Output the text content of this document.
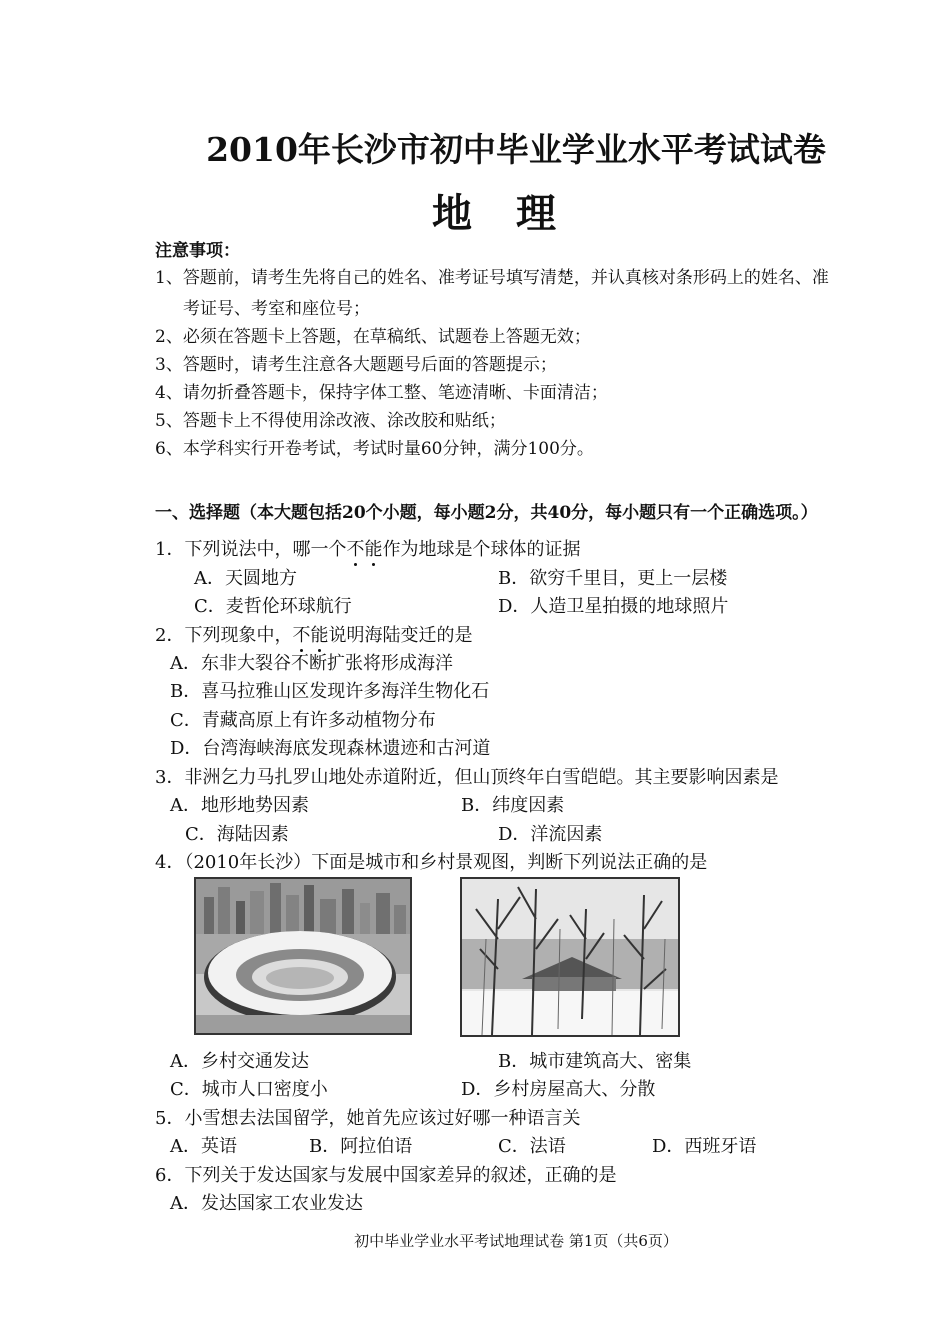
2010年长沙市初中毕业学业水平考试试卷
地理
注意事项：
1、答题前，请考生先将自己的姓名、准考证号填写清楚，并认真核对条形码上的姓名、准
考证号、考室和座位号；
2、必须在答题卡上答题，在草稿纸、试题卷上答题无效；
3、答题时，请考生注意各大题题号后面的答题提示；
4、请勿折叠答题卡，保持字体工整、笔迹清晰、卡面清洁；
5、答题卡上不得使用涂改液、涂改胶和贴纸；
6、本学科实行开卷考试，考试时量60分钟，满分100分。
一、选择题（本大题包括20个小题，每小题2分，共40分，每小题只有一个正确选项。）
1．下列说法中，哪一个不能作为地球是个球体的证据
A．天圆地方	B．欲穷千里目，更上一层楼
C．麦哲伦环球航行	D．人造卫星拍摄的地球照片
2．下列现象中，不能说明海陆变迁的是
A．东非大裂谷不断扩张将形成海洋
B．喜马拉雅山区发现许多海洋生物化石
C．青藏高原上有许多动植物分布
D．台湾海峡海底发现森林遗迹和古河道
3．非洲乞力马扎罗山地处赤道附近，但山顶终年白雪皑皑。其主要影响因素是
A．地形地势因素	B．纬度因素
C．海陆因素	D．洋流因素
4．（2010年长沙）下面是城市和乡村景观图，判断下列说法正确的是
A．乡村交通发达	B．城市建筑高大、密集
C．城市人口密度小	D．乡村房屋高大、分散
5．小雪想去法国留学，她首先应该过好哪一种语言关
A．英语	B．阿拉伯语	C．法语	D．西班牙语
6．下列关于发达国家与发展中国家差异的叙述，正确的是
A．发达国家工农业发达
初中毕业学业水平考试地理试卷 第1页（共6页）
